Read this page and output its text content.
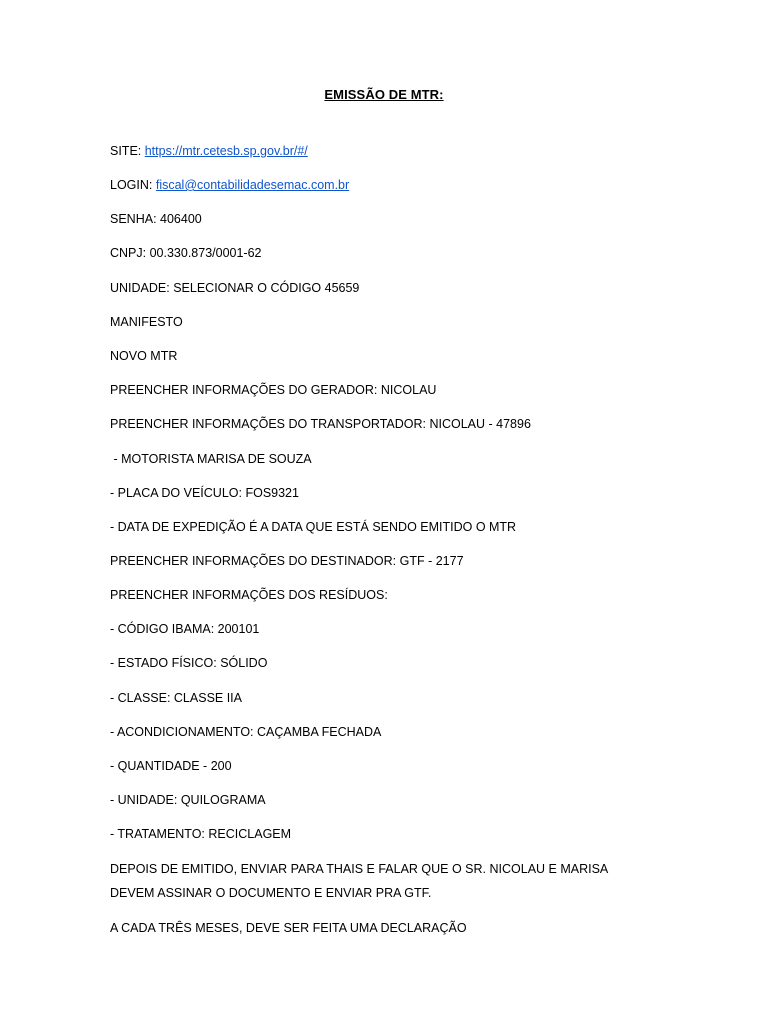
EMISSÃO DE MTR:
SITE: https://mtr.cetesb.sp.gov.br/#/
LOGIN: fiscal@contabilidadesemac.com.br
SENHA: 406400
CNPJ: 00.330.873/0001-62
UNIDADE: SELECIONAR O CÓDIGO 45659
MANIFESTO
NOVO MTR
PREENCHER INFORMAÇÕES DO GERADOR: NICOLAU
PREENCHER INFORMAÇÕES DO TRANSPORTADOR: NICOLAU - 47896
- MOTORISTA MARISA DE SOUZA
- PLACA DO VEÍCULO: FOS9321
- DATA DE EXPEDIÇÃO É A DATA QUE ESTÁ SENDO EMITIDO O MTR
PREENCHER INFORMAÇÕES DO DESTINADOR: GTF - 2177
PREENCHER INFORMAÇÕES DOS RESÍDUOS:
- CÓDIGO IBAMA: 200101
- ESTADO FÍSICO: SÓLIDO
- CLASSE: CLASSE IIA
- ACONDICIONAMENTO: CAÇAMBA FECHADA
- QUANTIDADE - 200
- UNIDADE: QUILOGRAMA
- TRATAMENTO: RECICLAGEM
DEPOIS DE EMITIDO, ENVIAR PARA THAIS E FALAR QUE O SR. NICOLAU E MARISA DEVEM ASSINAR O DOCUMENTO E ENVIAR PRA GTF.
A CADA TRÊS MESES, DEVE SER FEITA UMA DECLARAÇÃO
